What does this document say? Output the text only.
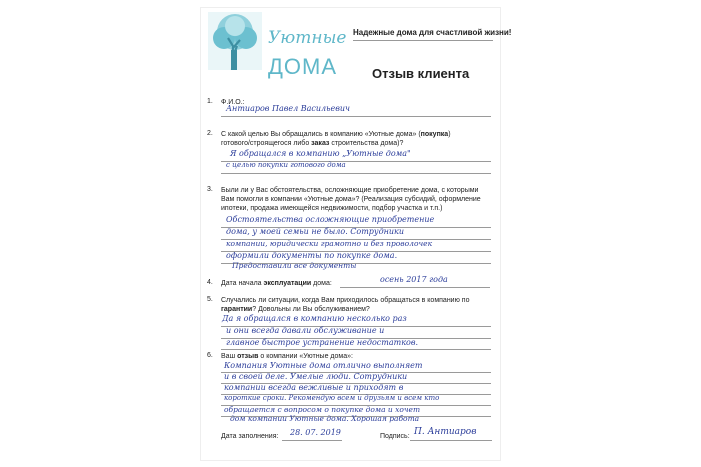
Уютные
ДОМА
Надежные дома для счастливой жизни!
Отзыв клиента
1. Ф.И.О.:
Антиаров Павел Васильевич
2. С какой целью Вы обращались в компанию «Уютные дома» (покупка)
готового/строящегося либо заказ строительства дома)?
Я обращался в компанию „Уютные дома"
с целью покупки готового дома
3. Были ли у Вас обстоятельства, осложняющие приобретение дома, с которыми
Вам помогли в компании «Уютные дома»? (Реализация субсидий, оформление
ипотеки, продажа имеющейся недвижимости, подбор участка и т.п.)
Обстоятельства осложняющие приобретение
дома, у моей семьи не было. Сотрудники
компании, юридически грамотно и без проволочек
оформили документы по покупке дома.
Предоставили все документы
4. Дата начала эксплуатации дома:	осень 2017 года
5. Случались ли ситуации, когда Вам приходилось обращаться в компанию по
гарантии? Довольны ли Вы обслуживанием?
Да я обращался в компанию несколько раз
и они всегда давали обслуживание и
главное быстрое устранение недостатков.
6. Ваш отзыв о компании «Уютные дома»:
Компания Уютные дома отлично выполняет
и в своей деле. Умелые люди. Сотрудники
компании всегда вежливые и приходят в
короткие сроки. Рекомендую всем и друзьям и всем кто
обращается с вопросом о покупке дома и хочет
дом компании Уютные дома. Хорошая работа
Дата заполнения: 28. 07. 2019	Подпись: П. Антиаров
